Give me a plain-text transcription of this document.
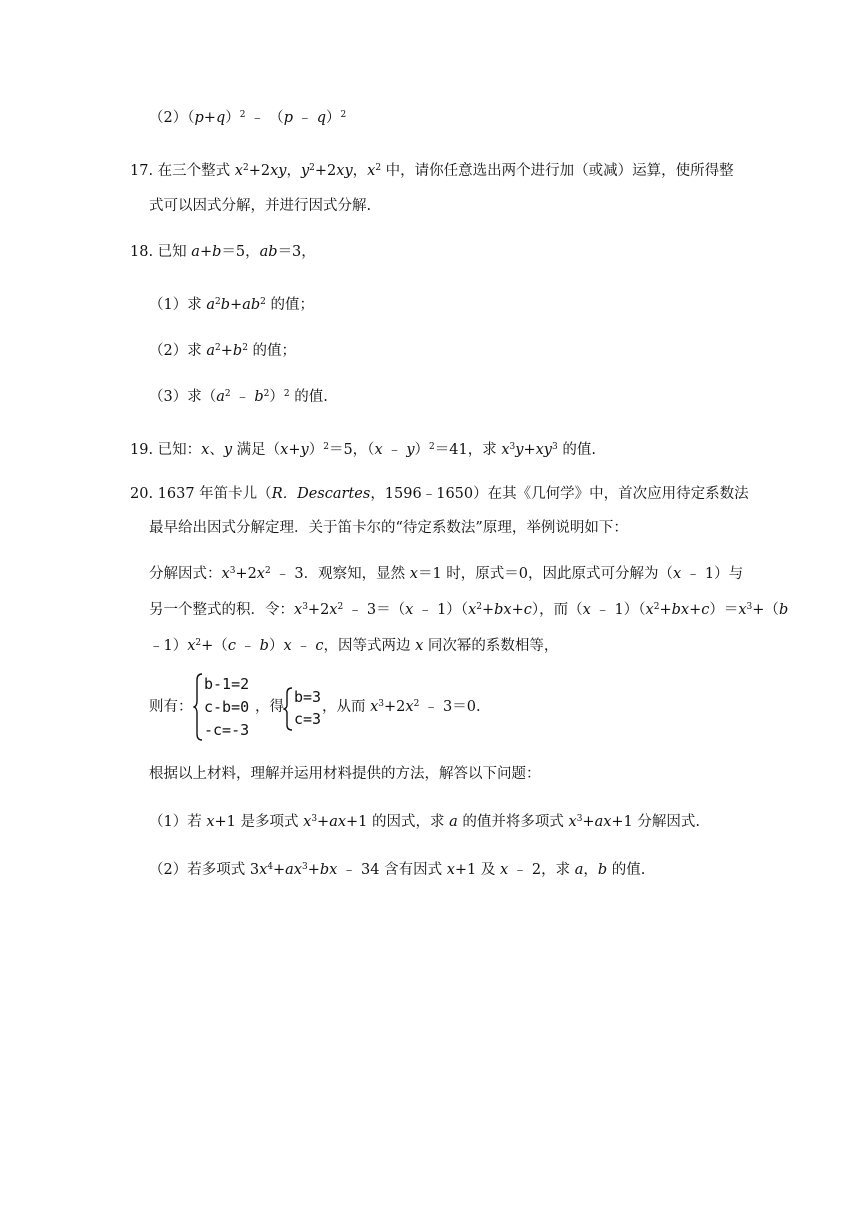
$(2)(p+q)^2$ ﹣ （p ﹣ q）$^2$
17. 在三个整式 $x^2+2xy$，$y^2+2xy$，$x^2$ 中，请你任意选出两个进行加（或减）运算，使所得整
式可以因式分解，并进行因式分解.
18. 已知 a+b＝5，ab＝3，
（1）求 $a^2b+ab^2$ 的值；
（2）求 $a^2+b^2$ 的值；
（3）求（$a^2$ ﹣ $b^2)^2$ 的值.
19. 已知：x、y 满足$(x+y)^2=5$，（x ﹣ y）$^2$＝41，求 $x^3y+xy^3$ 的值.
20. 1637 年笛卡儿（R．Descartes，1596﹣1650）在其《几何学》中，首次应用待定系数法
最早给出因式分解定理．关于笛卡尔的“待定系数法”原理，举例说明如下：
分解因式：$x^3+2x^2$ ﹣ 3．观察知，显然 x＝1 时，原式＝0，因此原式可分解为（x ﹣ 1）与
另一个整式的积．令：$x^3+2x^2$ ﹣ 3＝（x ﹣ $1)(x^2+bx+c)$，而（x ﹣ $1)(x^2+bx+c)=x^3+(b$
$﹣1)x^2+(c$ ﹣ b）x ﹣ c，因等式两边 x 同次幂的系数相等，
则有：
b-1=2
c-b=0
-c=-3
，得
b=3
c=3
，从而 $x^3+2x^2$ ﹣ 3＝0.
根据以上材料，理解并运用材料提供的方法，解答以下问题：
（1）若 x+1 是多项式 $x^3+ax+1$ 的因式，求 a 的值并将多项式 $x^3+ax+1$ 分解因式.
（2）若多项式 $3x^4+ax^3+bx$ ﹣ 34 含有因式 x+1 及 x ﹣ 2，求 a，b 的值.
